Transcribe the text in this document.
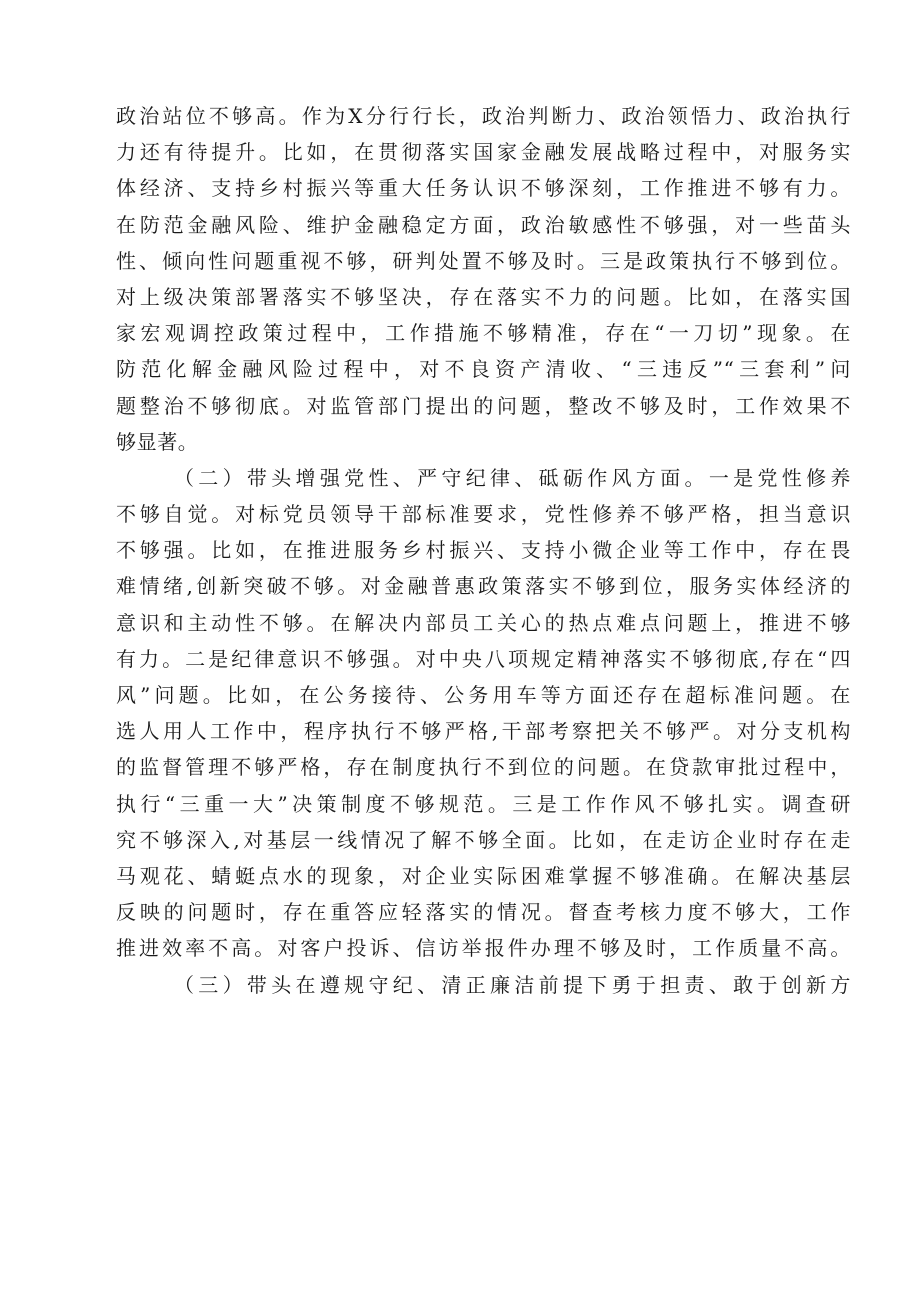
政治站位不够高。作为X分行行长，政治判断力、政治领悟力、政治执行
力还有待提升。比如，在贯彻落实国家金融发展战略过程中，对服务实
体经济、支持乡村振兴等重大任务认识不够深刻，工作推进不够有力。
在防范金融风险、维护金融稳定方面，政治敏感性不够强，对一些苗头
性、倾向性问题重视不够，研判处置不够及时。三是政策执行不够到位。
对上级决策部署落实不够坚决，存在落实不力的问题。比如，在落实国
家宏观调控政策过程中，工作措施不够精准，存在“一刀切”现象。在
防范化解金融风险过程中，对不良资产清收、“三违反”“三套利”问
题整治不够彻底。对监管部门提出的问题，整改不够及时，工作效果不
够显著。
（二）带头增强党性、严守纪律、砥砺作风方面。一是党性修养
不够自觉。对标党员领导干部标准要求，党性修养不够严格，担当意识
不够强。比如，在推进服务乡村振兴、支持小微企业等工作中，存在畏
难情绪,创新突破不够。对金融普惠政策落实不够到位，服务实体经济的
意识和主动性不够。在解决内部员工关心的热点难点问题上，推进不够
有力。二是纪律意识不够强。对中央八项规定精神落实不够彻底,存在“四
风”问题。比如，在公务接待、公务用车等方面还存在超标准问题。在
选人用人工作中，程序执行不够严格,干部考察把关不够严。对分支机构
的监督管理不够严格，存在制度执行不到位的问题。在贷款审批过程中，
执行“三重一大”决策制度不够规范。三是工作作风不够扎实。调查研
究不够深入,对基层一线情况了解不够全面。比如，在走访企业时存在走
马观花、蜻蜓点水的现象，对企业实际困难掌握不够准确。在解决基层
反映的问题时，存在重答应轻落实的情况。督查考核力度不够大，工作
推进效率不高。对客户投诉、信访举报件办理不够及时，工作质量不高。
（三）带头在遵规守纪、清正廉洁前提下勇于担责、敢于创新方
